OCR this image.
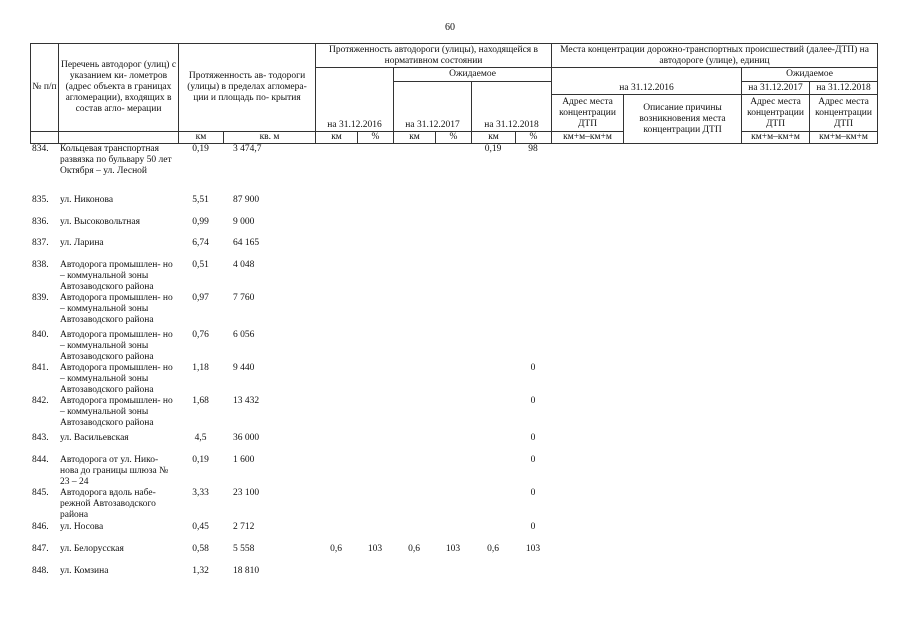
60
№ п/п	Перечень автодорог (улиц) с указанием ки- лометров (адрес объекта в границах агломерации), входящих в состав агло- мерации	Протяженность ав- тодороги (улицы) в пределах агломера- ции и площадь по- крытия		Протяженность автодороги (улицы), находящейся в нормативном состоянии						Места концентрации дорожно-транспортных происшествий (далее-ДТП) на автодороге (улице), единиц			
				на 31.12.2016		Ожидаемое				на 31.12.2016		Ожидаемое	
						на 31.12.2017		на 31.12.2018				на 31.12.2017	на 31.12.2018
										Адрес места концентрации ДТП	Описание причины возникновения места концентрации ДТП	Адрес места концентрации ДТП	Адрес места концентрации ДТП
		км	кв. м	км	%	км	%	км	%	км+м–км+м		км+м–км+м	км+м–км+м
834.	Кольцевая транспортная развязка по бульвару 50 лет Октября – ул. Лесной	0,19	3 474,7					0,19	98				
835.	ул. Никонова	5,51	87 900										
836.	ул. Высоковольтная	0,99	9 000										
837.	ул. Ларина	6,74	64 165										
838.	Автодорога промышлен- но – коммунальной зоны Автозаводского района	0,51	4 048										
839.	Автодорога промышлен- но – коммунальной зоны Автозаводского района	0,97	7 760										
840.	Автодорога промышлен- но – коммунальной зоны Автозаводского района	0,76	6 056										
841.	Автодорога промышлен- но – коммунальной зоны Автозаводского района	1,18	9 440						0				
842.	Автодорога промышлен- но – коммунальной зоны Автозаводского района	1,68	13 432						0				
843.	ул. Васильевская	4,5	36 000						0				
844.	Автодорога от ул. Нико- нова до границы шлюза № 23 – 24	0,19	1 600						0				
845.	Автодорога вдоль набе- режной Автозаводского района	3,33	23 100						0				
846.	ул. Носова	0,45	2 712						0				
847.	ул. Белорусская	0,58	5 558	0,6	103	0,6	103	0,6	103				
848.	ул. Комзина	1,32	18 810										
